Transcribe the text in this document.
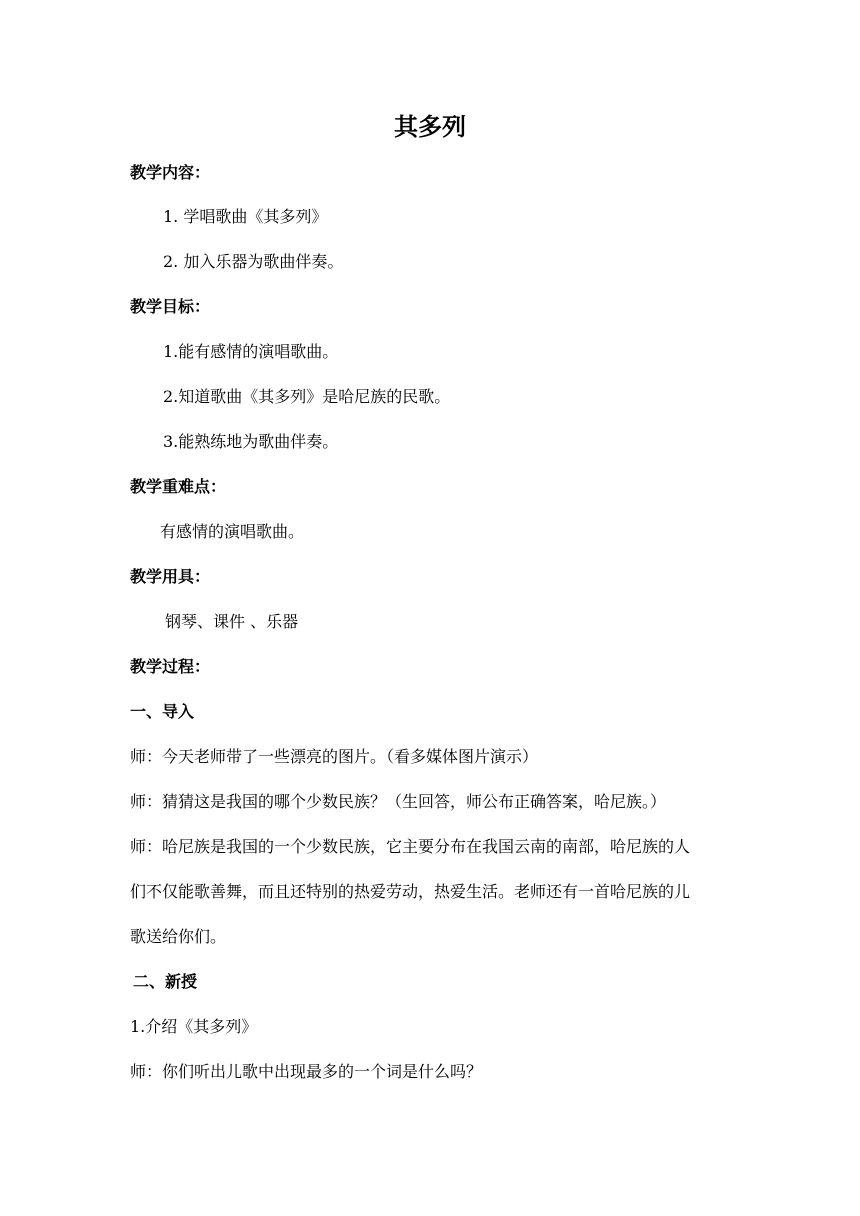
其多列
教学内容：
1. 学唱歌曲《其多列》
2. 加入乐器为歌曲伴奏。
教学目标：
1.能有感情的演唱歌曲。
2.知道歌曲《其多列》是哈尼族的民歌。
3.能熟练地为歌曲伴奏。
教学重难点：
有感情的演唱歌曲。
教学用具：
钢琴、课件 、乐器
教学过程：
一、导入
师：今天老师带了一些漂亮的图片。（看多媒体图片演示）
师：猜猜这是我国的哪个少数民族？（生回答，师公布正确答案，哈尼族。）
师：哈尼族是我国的一个少数民族，它主要分布在我国云南的南部，哈尼族的人
们不仅能歌善舞，而且还特别的热爱劳动，热爱生活。老师还有一首哈尼族的儿
歌送给你们。
二、新授
1.介绍《其多列》
师：你们听出儿歌中出现最多的一个词是什么吗？
